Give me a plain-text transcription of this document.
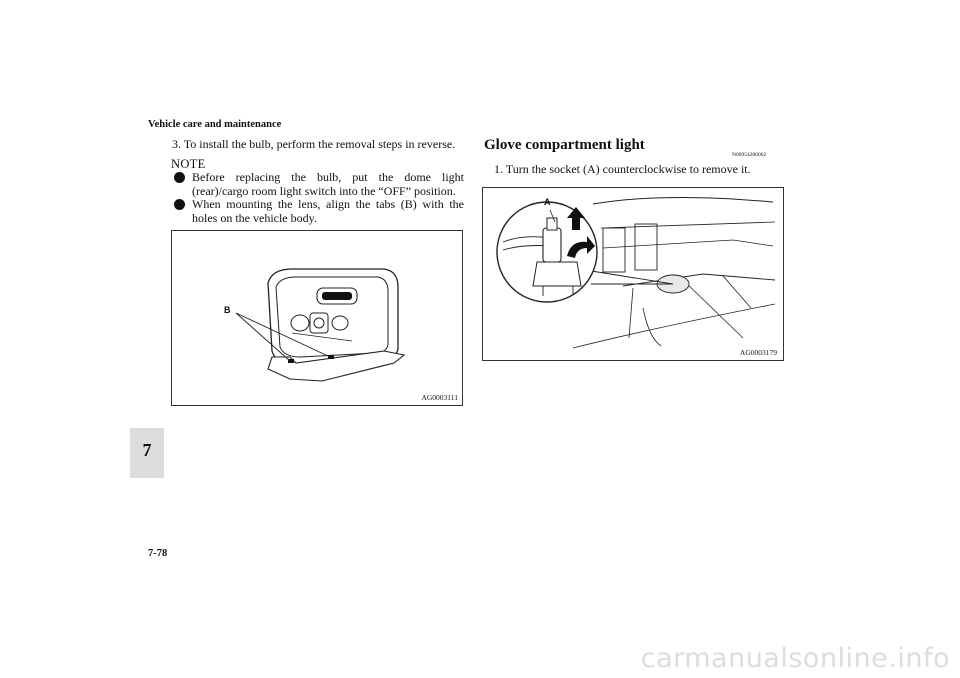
Vehicle care and maintenance
3. To install the bulb, perform the removal steps in reverse.
NOTE
Before replacing the bulb, put the dome light (rear)/cargo room light switch into the “OFF” position.
When mounting the lens, align the tabs (B) with the holes on the vehicle body.
B
AG0003111
Glove compartment light
N00954200062
1. Turn the socket (A) counterclockwise to remove it.
A
AG0003179
7
7-78
carmanualsonline.info
